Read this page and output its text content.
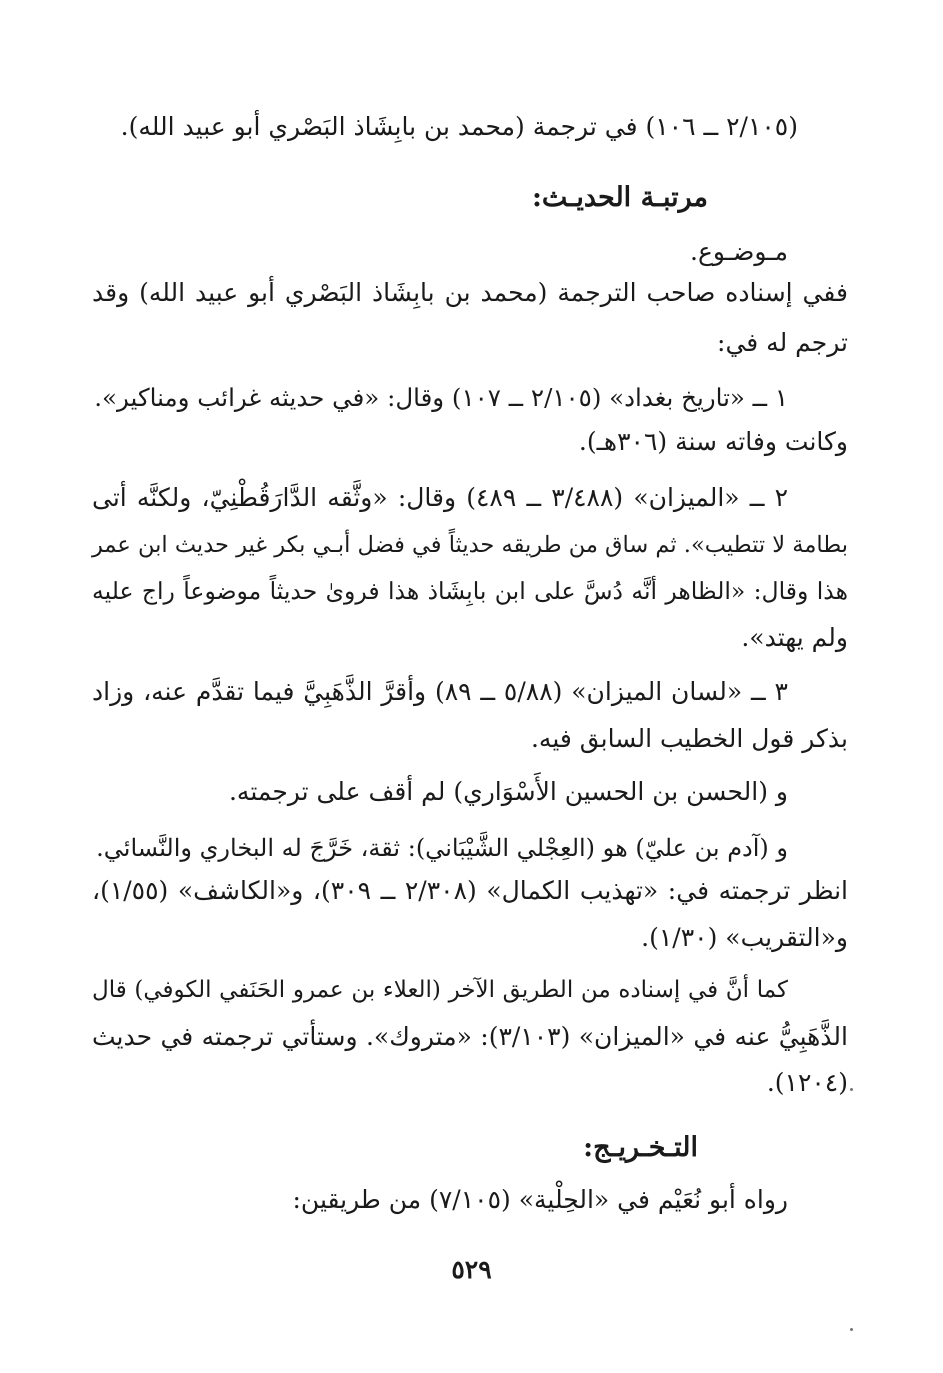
(٢/١٠٥ ــ ١٠٦) في ترجمة (محمد بن بابِشَاذ البَصْري أبو عبيد الله).
مرتبـة الحديـث:
مـوضـوع.
ففي إسناده صاحب الترجمة (محمد بن بابِشَاذ البَصْري أبو عبيد الله) وقد
ترجم له في:
١ ــ «تاريخ بغداد» (٢/١٠٥ ــ ١٠٧) وقال: «في حديثه غرائب ومناكير».
وكانت وفاته سنة (٣٠٦هـ).
٢ ــ «الميزان» (٣/٤٨٨ ــ ٤٨٩) وقال: «وثَّقه الدَّارَقُطْنِيّ، ولكنَّه أتى
بطامة لا تتطيب». ثم ساق من طريقه حديثاً في فضل أبـي بكر غير حديث ابن عمر
هذا وقال: «الظاهر أنَّه دُسَّ على ابن بابِشَاذ هذا فروىٰ حديثاً موضوعاً راج عليه
ولم يهتد».
٣ ــ «لسان الميزان» (٥/٨٨ ــ ٨٩) وأقرَّ الذَّهَبِيَّ فيما تقدَّم عنه، وزاد
بذكر قول الخطيب السابق فيه.
و (الحسن بن الحسين الأَسْوَاري) لم أقف على ترجمته.
و (آدم بن عليّ) هو (العِجْلي الشَّيْبَاني): ثقة، خَرَّجَ له البخاري والنَّسائي.
انظر ترجمته في: «تهذيب الكمال» (٢/٣٠٨ ــ ٣٠٩)، و«الكاشف» (١/٥٥)،
و«التقريب» (١/٣٠).
كما أنَّ في إسناده من الطريق الآخر (العلاء بن عمرو الحَنَفي الكوفي) قال
الذَّهَبِيُّ عنه في «الميزان» (٣/١٠٣): «متروك». وستأتي ترجمته في حديث
(١٢٠٤).
التـخـريـج:
رواه أبو نُعَيْم في «الحِلْية» (٧/١٠٥) من طريقين:
٥٢٩
